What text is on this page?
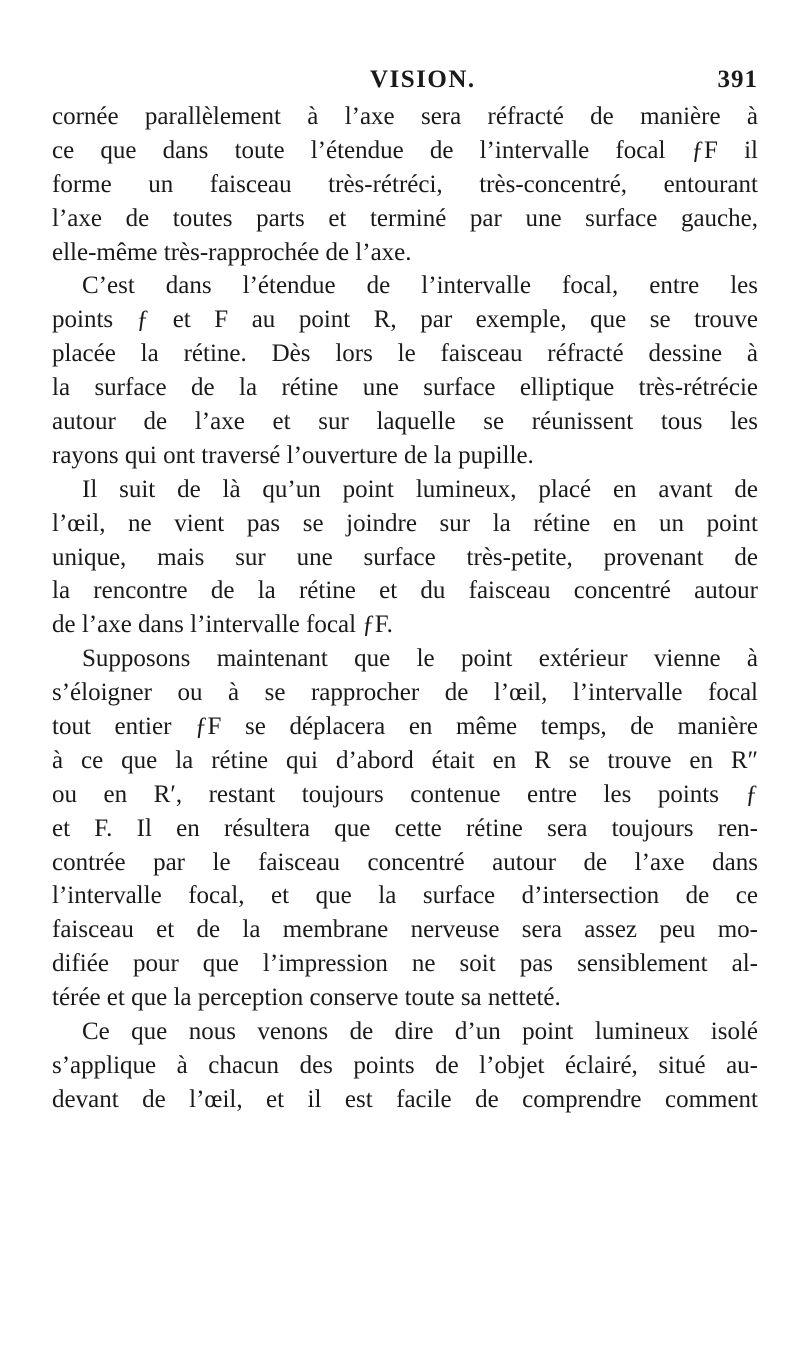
VISION.	391
cornée parallèlement à l’axe sera réfracté de manière à
ce que dans toute l’étendue de l’intervalle focal ƒF il
forme un faisceau très-rétréci, très-concentré, entourant
l’axe de toutes parts et terminé par une surface gauche,
elle-même très-rapprochée de l’axe.
C’est dans l’étendue de l’intervalle focal, entre les
points ƒ et F au point R, par exemple, que se trouve
placée la rétine. Dès lors le faisceau réfracté dessine à
la surface de la rétine une surface elliptique très-rétrécie
autour de l’axe et sur laquelle se réunissent tous les
rayons qui ont traversé l’ouverture de la pupille.
Il suit de là qu’un point lumineux, placé en avant de
l’œil, ne vient pas se joindre sur la rétine en un point
unique, mais sur une surface très-petite, provenant de
la rencontre de la rétine et du faisceau concentré autour
de l’axe dans l’intervalle focal ƒF.
Supposons maintenant que le point extérieur vienne à
s’éloigner ou à se rapprocher de l’œil, l’intervalle focal
tout entier ƒF se déplacera en même temps, de manière
à ce que la rétine qui d’abord était en R se trouve en R″
ou en R′, restant toujours contenue entre les points ƒ
et F. Il en résultera que cette rétine sera toujours ren-
contrée par le faisceau concentré autour de l’axe dans
l’intervalle focal, et que la surface d’intersection de ce
faisceau et de la membrane nerveuse sera assez peu mo-
difiée pour que l’impression ne soit pas sensiblement al-
térée et que la perception conserve toute sa netteté.
Ce que nous venons de dire d’un point lumineux isolé
s’applique à chacun des points de l’objet éclairé, situé au-
devant de l’œil, et il est facile de comprendre comment
